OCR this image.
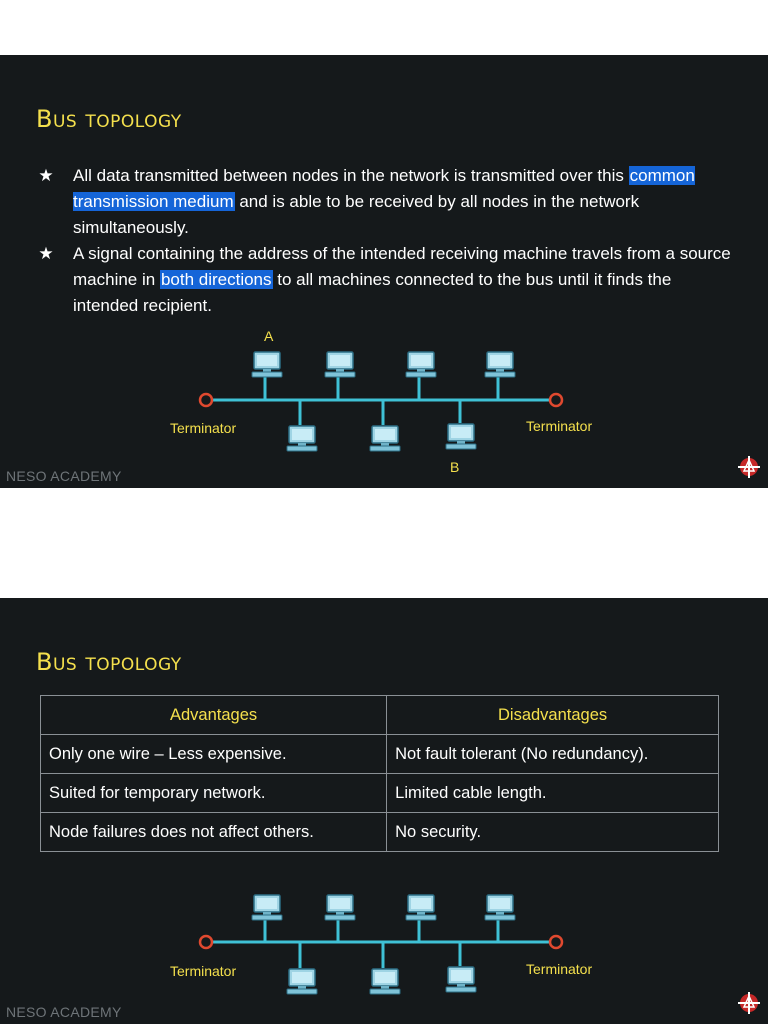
Bus topology
★ All data transmitted between nodes in the network is transmitted over this common transmission medium and is able to be received by all nodes in the network simultaneously.
★ A signal containing the address of the intended receiving machine travels from a source machine in both directions to all machines connected to the bus until it finds the intended recipient.
A
B
Terminator	Terminator
NESO ACADEMY
Bus topology
Advantages	Disadvantages
Only one wire – Less expensive.	Not fault tolerant (No redundancy).
Suited for temporary network.	Limited cable length.
Node failures does not affect others.	No security.
Terminator	Terminator
NESO ACADEMY
